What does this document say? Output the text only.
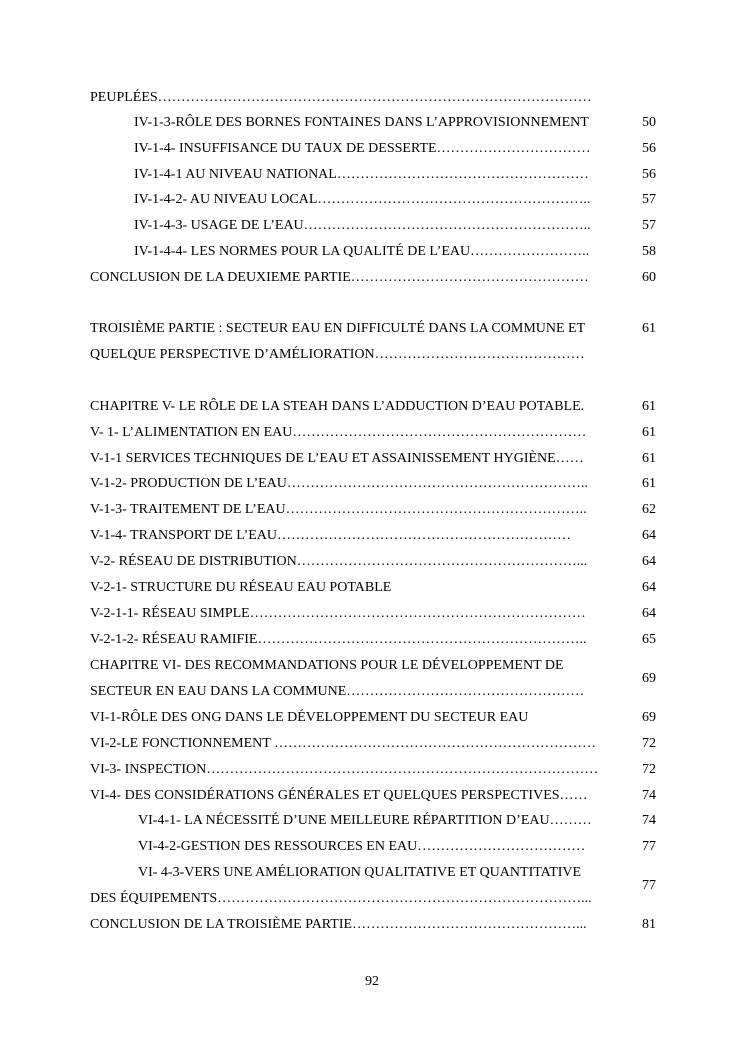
PEUPLÉES…………………………………………………………………………………
IV-1-3-RÔLE DES BORNES FONTAINES DANS L’APPROVISIONNEMENT	50
IV-1-4- INSUFFISANCE DU TAUX DE DESSERTE……………………………	56
IV-1-4-1 AU NIVEAU NATIONAL………………………………………………	56
IV-1-4-2- AU NIVEAU LOCAL…………………………………………………..	57
IV-1-4-3- USAGE DE L’EAU……………………………………………………..	57
IV-1-4-4- LES NORMES POUR LA QUALITÉ DE L’EAU……………………..	58
CONCLUSION DE LA DEUXIEME PARTIE……………………………………………	60
TROISIÈME PARTIE : SECTEUR EAU EN DIFFICULTÉ DANS LA COMMUNE ET	61
QUELQUE PERSPECTIVE D’AMÉLIORATION………………………………………
CHAPITRE V- LE RÔLE DE LA STEAH DANS L’ADDUCTION D’EAU POTABLE.	61
V- 1- L’ALIMENTATION EN EAU………………………………………………………	61
V-1-1 SERVICES TECHNIQUES DE L’EAU ET ASSAINISSEMENT HYGIÈNE……	61
V-1-2- PRODUCTION DE L’EAU………………………………………………………..	61
V-1-3- TRAITEMENT DE L’EAU………………………………………………………..	62
V-1-4- TRANSPORT DE L’EAU………………………………………………………	64
V-2- RÉSEAU DE DISTRIBUTION……………………………………………………...	64
V-2-1- STRUCTURE DU RÉSEAU EAU POTABLE	64
V-2-1-1- RÉSEAU SIMPLE………………………………………………………………	64
V-2-1-2- RÉSEAU RAMIFIE……………………………………………………………..	65
CHAPITRE VI- DES RECOMMANDATIONS POUR LE DÉVELOPPEMENT DE
SECTEUR EN EAU DANS LA COMMUNE……………………………………………
69
VI-1-RÔLE DES ONG DANS LE DÉVELOPPEMENT DU SECTEUR EAU	69
VI-2-LE FONCTIONNEMENT ……………………………………………………………	72
VI-3- INSPECTION…………………………………………………………………………	72
VI-4- DES CONSIDÉRATIONS GÉNÉRALES ET QUELQUES PERSPECTIVES……	74
VI-4-1- LA NÉCESSITÉ D’UNE MEILLEURE RÉPARTITION D’EAU………	74
VI-4-2-GESTION DES RESSOURCES EN EAU………………………………	77
VI- 4-3-VERS UNE AMÉLIORATION QUALITATIVE ET QUANTITATIVE
DES ÉQUIPEMENTS……………………………………………………………………...
77
CONCLUSION DE LA TROISIÈME PARTIE…………………………………………...	81
92
